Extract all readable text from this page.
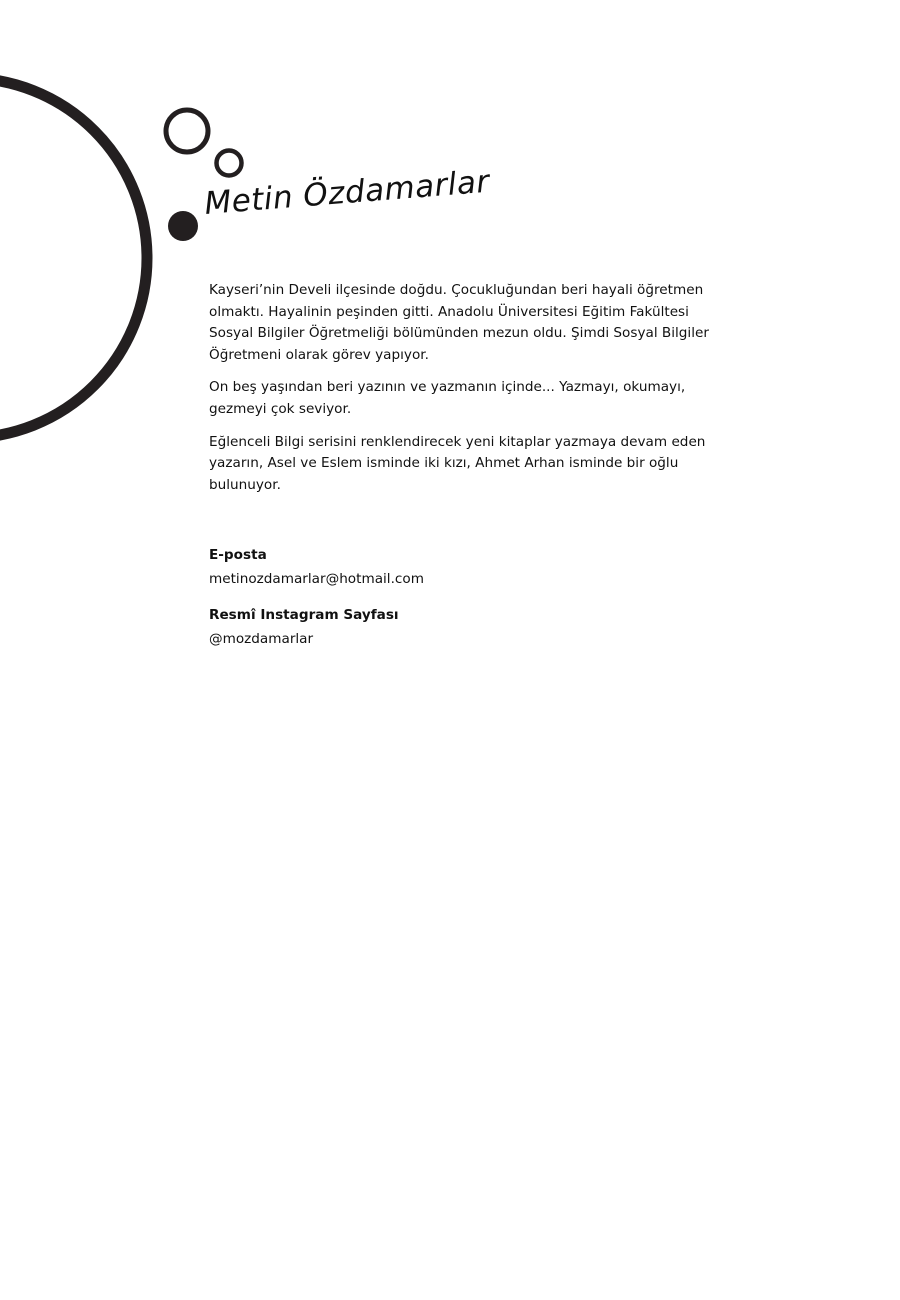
Metin Özdamarlar

Kayseri’nin Develi ilçesinde doğdu. Çocukluğundan beri hayali öğretmen olmaktı. Hayalinin peşinden gitti. Anadolu Üniversitesi Eğitim Fakültesi Sosyal Bilgiler Öğretmeliği bölümünden mezun oldu. Şimdi Sosyal Bilgiler Öğretmeni olarak görev yapıyor.

On beş yaşından beri yazının ve yazmanın içinde... Yazmayı, okumayı, gezmeyi çok seviyor.

Eğlenceli Bilgi serisini renklendirecek yeni kitaplar yazmaya devam eden yazarın, Asel ve Eslem isminde iki kızı, Ahmet Arhan isminde bir oğlu bulunuyor.

E-posta
metinozdamarlar@hotmail.com
Resmî Instagram Sayfası
@mozdamarlar
